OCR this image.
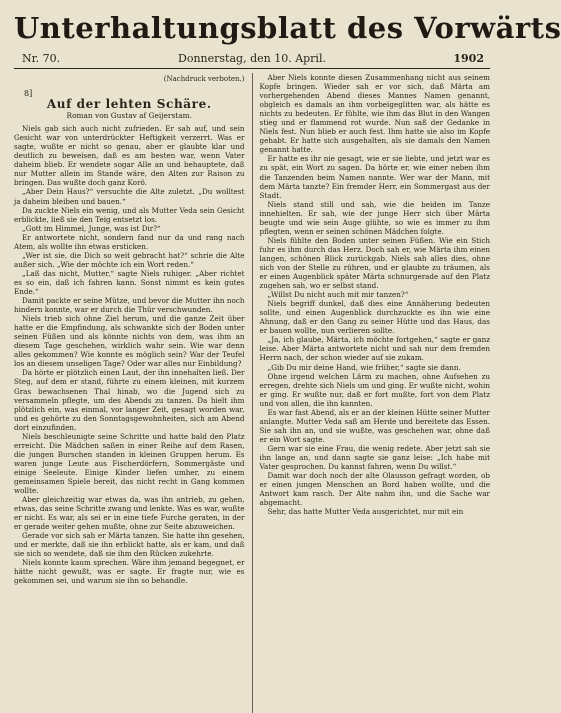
Unterhaltungsblatt des Vorwärts
Nr. 70.	Donnerstag, den 10. April.	1902
(Nachdruck verboten.)
8]
Auf der lehten Schäre.
Roman von Gustav af Geijerstam.

Niels gab sich auch nicht zufrieden. Er sah auf, und sein Gesicht war von unterdrückter Heftigkeit verzerrt. Was er sagte, wußte er nicht so genau, aber er glaubte klar und deutlich zu beweisen, daß es am besten war, wenn Vater daheim blieb. Er wendete sogar Alle an und behauptete, daß nur Mutter allein im Stande wäre, den Alten zur Raison zu bringen. Das wußte doch ganz Korö.

„Aber Dein Haus?“ versuchte die Alte zuletzt. „Du wolltest ja daheim bleiben und bauen.“

Da zuckte Niels ein wenig, und als Mutter Veda sein Gesicht erblickte, ließ sie den Teig entsetzt los.

„Gott im Himmel, Junge, was ist Dir?“

Er antwortete nicht, sondern fand nur da und rang nach Atem, als wollte ihn etwas ersticken.

„Wer ist sie, die Dich so weit gebracht hat?“ schrie die Alte außer sich. „Wie der möchte ich ein Wort reden.“

„Laß das nicht, Mutter,“ sagte Niels ruhiger. „Aber richtet es so ein, daß ich fahren kann. Sonst nimmt es kein gutes Ende.“

Damit packte er seine Mütze, und bevor die Mutter ihn noch hindern konnte, war er durch die Thür verschwunden.

Niels trieb sich ohne Ziel herum, und die ganze Zeit über hatte er die Empfindung, als schwankte sich der Boden unter seinen Füßen und als könnte nichts von dem, was ihm an diesem Tage geschehen, wirklich wahr sein. Wie war denn alles gekommen? Wie konnte es möglich sein? War der Teufel los an diesem unseligen Tage? Oder war alles nur Einbildung?

Da hörte er plötzlich einen Laut, der ihn innehalten ließ. Der Steg, auf dem er stand, führte zu einem kleinen, mit kurzem Gras bewachsenen Thal hinab, wo die Jugend sich zu versammeln pflegte, um des Abends zu tanzen. Da hielt ihm plötzlich ein, was einmal, vor langer Zeit, gesagt worden war, und es gehörte zu den Sonntagsgewohnheiten, sich am Abend dort einzufinden.

Niels beschleunigte seine Schritte und hatte bald den Platz erreicht. Die Mädchen saßen in einer Reihe auf dem Rasen, die jungen Burschen standen in kleinen Gruppen herum. Es waren junge Leute aus Fischerdörfern, Sommergäste und einige Seeleute. Einige Kinder liefen umher, zu einem gemeinsamen Spiele bereit, das nicht recht in Gang kommen wollte.

Aber gleichzeitig war etwas da, was ihn antrieb, zu gehen, etwas, das seine Schritte zwang und lenkte. Was es war, wußte er nicht. Es war, als sei er in eine tiefe Furche geraten, in der er gerade weiter gehen mußte, ohne zur Seite abzuweichen.

Gerade vor sich sah er Märta tanzen. Sie hatte ihn gesehen, und er merkte, daß sie ihn erblickt hatte, als er kam, und daß sie sich so wendete, daß sie ihm den Rücken zukehrte.

Niels konnte kaum sprechen. Wäre ihm jemand begegnet, er hätte nicht gewußt, was er sagte. Er fragte nur, wie es gekommen sei, und warum sie ihn so behandle.

Aber Niels konnte diesen Zusammenhang nicht aus seinem Kopfe bringen. Wieder sah er vor sich, daß Märta am vorhergehenden Abend dieses Mannes Namen genannt, obgleich es damals an ihm vorbeigeglitten war, als hätte es nichts zu bedeuten. Er fühlte, wie ihm das Blut in den Wangen stieg und er flammend rot wurde. Nun saß der Gedanke in Niels fest. Nun blieb er auch fest. Ihm hatte sie also im Kopfe gehabt. Er hatte sich ausgehalten, als sie damals den Namen genannt hatte.

Er hatte es ihr nie gesagt, wie er sie liebte, und jetzt war es zu spät, ein Wort zu sagen. Da hörte er, wie einer neben ihm die Tanzenden beim Namen nannte. Wer war der Mann, mit dem Märta tanzte? Ein fremder Herr, ein Sommergast aus der Stadt.

Niels stand still und sah, wie die beiden im Tanze innehielten. Er sah, wie der junge Herr sich über Märta beugte und wie sein Auge glühte, so wie es immer zu ihm pflegten, wenn er seinen schönen Mädchen folgte.

Niels fühlte den Boden unter seinen Füßen. Wie ein Stich fuhr es ihm durch das Herz. Doch sah er, wie Märta ihm einen langen, schönen Blick zurückgab. Niels sah alles dies, ohne sich von der Stelle zu rühren, und er glaubte zu träumen, als er einen Augenblick später Märta schnurgerade auf den Platz zugehen sah, wo er selbst stand.

„Willst Du nicht auch mit mir tanzen?“

Niels begriff dunkel, daß dies eine Annäherung bedeuten sollte, und einen Augenblick durchzuckte es ihn wie eine Ahnung, daß er den Gang zu seiner Hütte und das Haus, das er bauen wollte, nun verlieren sollte.

„Ja, ich glaube, Märta, ich möchte fortgehen,“ sagte er ganz leise. Aber Märta antwortete nicht und sah nur dem fremden Herrn nach, der schon wieder auf sie zukam.

„Gib Du mir deine Hand, wie früher,“ sagte sie dann.

Ohne irgend welchen Lärm zu machen, ohne Aufsehen zu erregen, drehte sich Niels um und ging. Er wußte nicht, wohin er ging. Er wußte nur, daß er fort mußte, fort von dem Platz und von allen, die ihn kannten.

Es war fast Abend, als er an der kleinen Hütte seiner Mutter anlangte. Mutter Veda saß am Herde und bereitete das Essen. Sie sah ihn an, und sie wußte, was geschehen war, ohne daß er ein Wort sagte.

Gern war sie eine Frau, die wenig redete. Aber jetzt sah sie ihn lange an, und dann sagte sie ganz leise: „Ich habe mit Vater gesprochen. Du kannst fahren, wenn Du willst.“

Damit war doch noch der alte Olausson gefragt worden, ob er einen jungen Menschen an Bord haben wollte, und die Antwort kam rasch. Der Alte nahm ihn, und die Sache war abgemacht.

Sehr, das hatte Mutter Veda ausgerichtet, nur mit ein
